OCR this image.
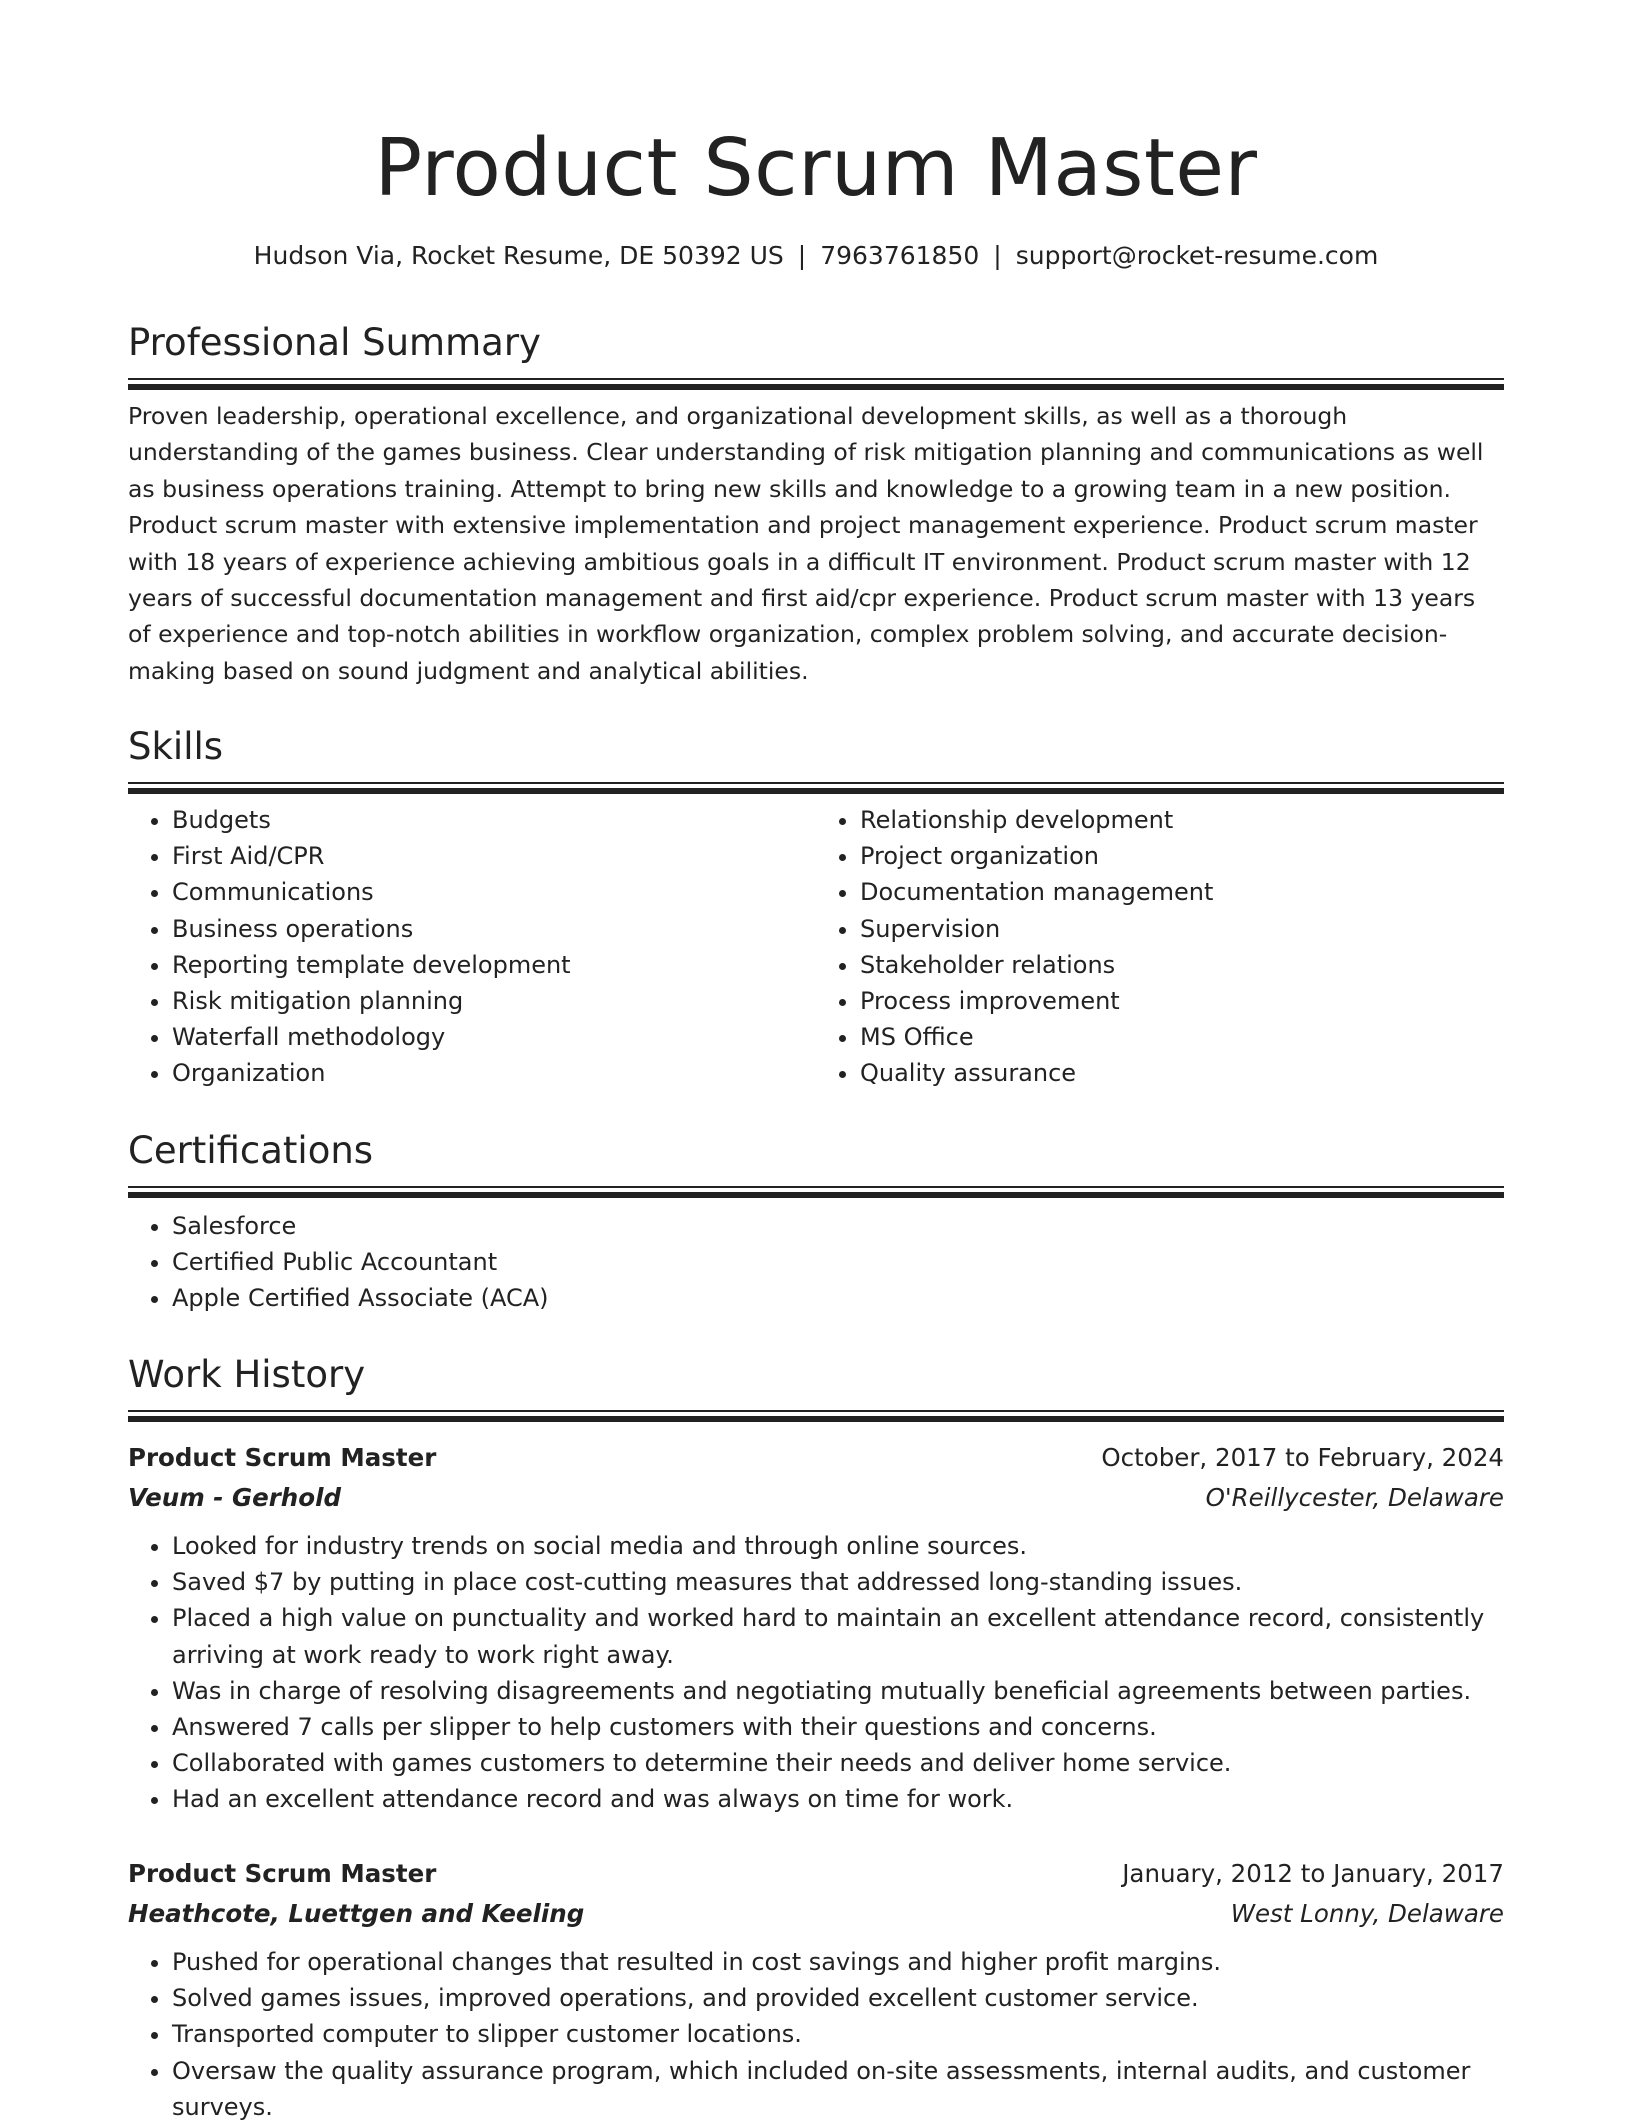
Product Scrum Master
Hudson Via, Rocket Resume, DE 50392 US | 7963761850 | support@rocket-resume.com
Professional Summary

Proven leadership, operational excellence, and organizational development skills, as well as a thorough understanding of the games business. Clear understanding of risk mitigation planning and communications as well as business operations training. Attempt to bring new skills and knowledge to a growing team in a new position. Product scrum master with extensive implementation and project management experience. Product scrum master with 18 years of experience achieving ambitious goals in a difficult IT environment. Product scrum master with 12 years of successful documentation management and first aid/cpr experience. Product scrum master with 13 years of experience and top-notch abilities in workflow organization, complex problem solving, and accurate decision-making based on sound judgment and analytical abilities.

Skills
• Budgets
• First Aid/CPR
• Communications
• Business operations
• Reporting template development
• Risk mitigation planning
• Waterfall methodology
• Organization
• Relationship development
• Project organization
• Documentation management
• Supervision
• Stakeholder relations
• Process improvement
• MS Office
• Quality assurance
Certifications
• Salesforce
• Certified Public Accountant
• Apple Certified Associate (ACA)
Work History
Product Scrum Master	October, 2017 to February, 2024
Veum - Gerhold	O'Reillycester, Delaware
• Looked for industry trends on social media and through online sources.
• Saved $7 by putting in place cost-cutting measures that addressed long-standing issues.
• Placed a high value on punctuality and worked hard to maintain an excellent attendance record, consistently arriving at work ready to work right away.
• Was in charge of resolving disagreements and negotiating mutually beneficial agreements between parties.
• Answered 7 calls per slipper to help customers with their questions and concerns.
• Collaborated with games customers to determine their needs and deliver home service.
• Had an excellent attendance record and was always on time for work.
Product Scrum Master	January, 2012 to January, 2017
Heathcote, Luettgen and Keeling	West Lonny, Delaware
• Pushed for operational changes that resulted in cost savings and higher profit margins.
• Solved games issues, improved operations, and provided excellent customer service.
• Transported computer to slipper customer locations.
• Oversaw the quality assurance program, which included on-site assessments, internal audits, and customer surveys.
